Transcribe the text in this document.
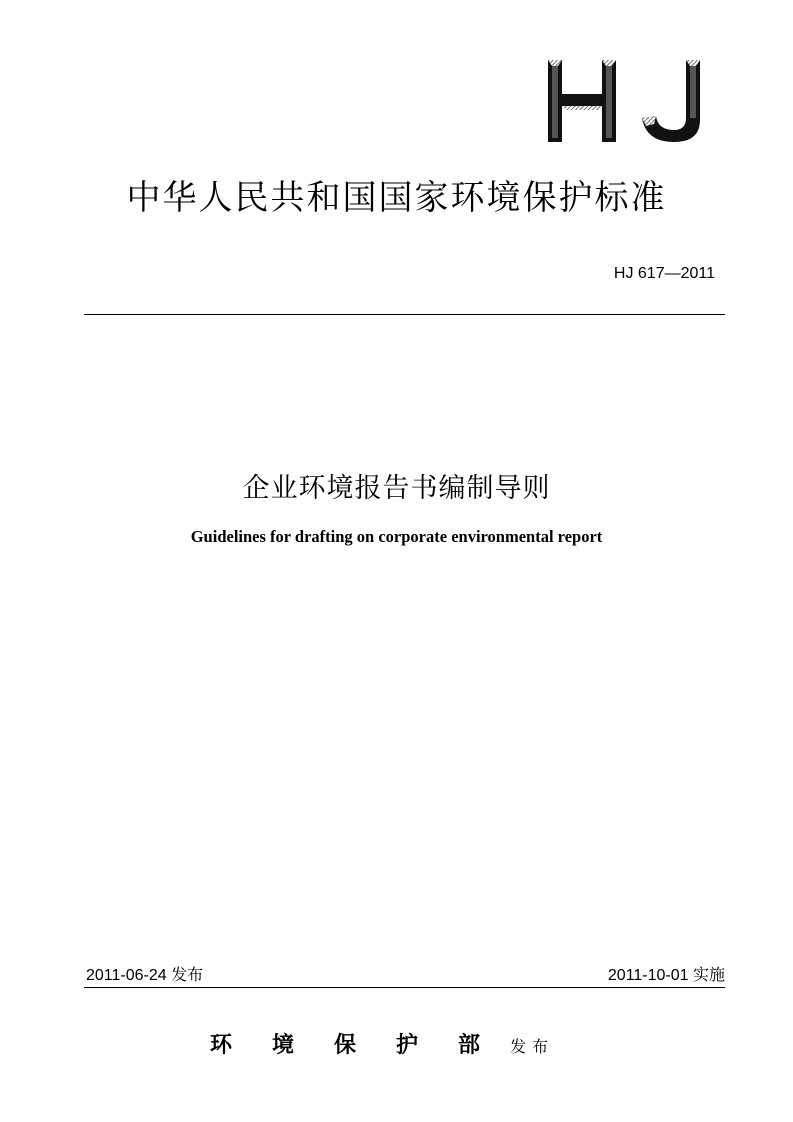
中华人民共和国国家环境保护标准
HJ 617—2011
企业环境报告书编制导则
Guidelines for drafting on corporate environmental report
2011-06-24 发布	2011-10-01 实施
环境保护部发布
